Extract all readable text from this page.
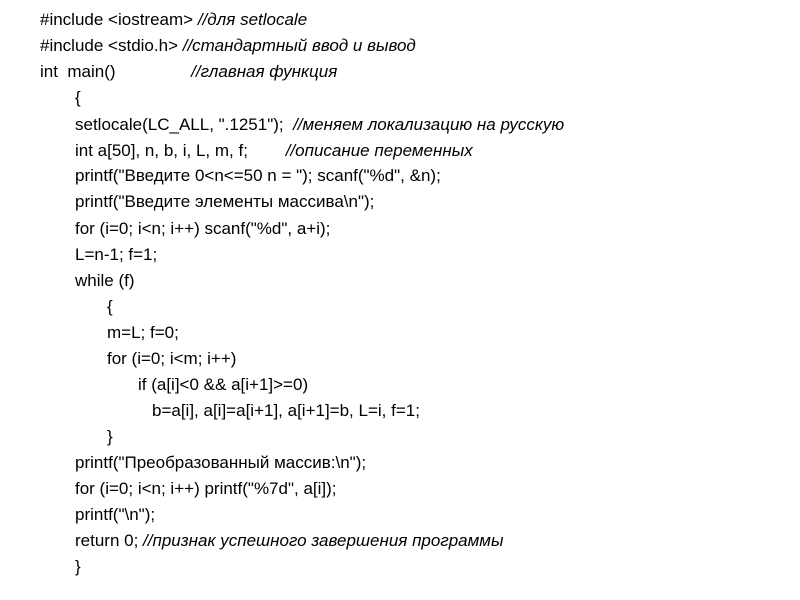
#include <iostream> //для setlocale
#include <stdio.h> //стандартный ввод и вывод
int  main()                //главная функция
{
setlocale(LC_ALL, ".1251");  //меняем локализацию на русскую
int a[50], n, b, i, L, m, f;        //описание переменных
printf("Введите 0<n<=50 n = "); scanf("%d", &n);
printf("Введите элементы массива\n");
for (i=0; i<n; i++) scanf("%d", a+i);
L=n-1; f=1;
while (f)
{
m=L; f=0;
for (i=0; i<m; i++)
if (a[i]<0 && a[i+1]>=0)
b=a[i], a[i]=a[i+1], a[i+1]=b, L=i, f=1;
}
printf("Преобразованный массив:\n");
for (i=0; i<n; i++) printf("%7d", a[i]);
printf("\n");
return 0; //признак успешного завершения программы
}
